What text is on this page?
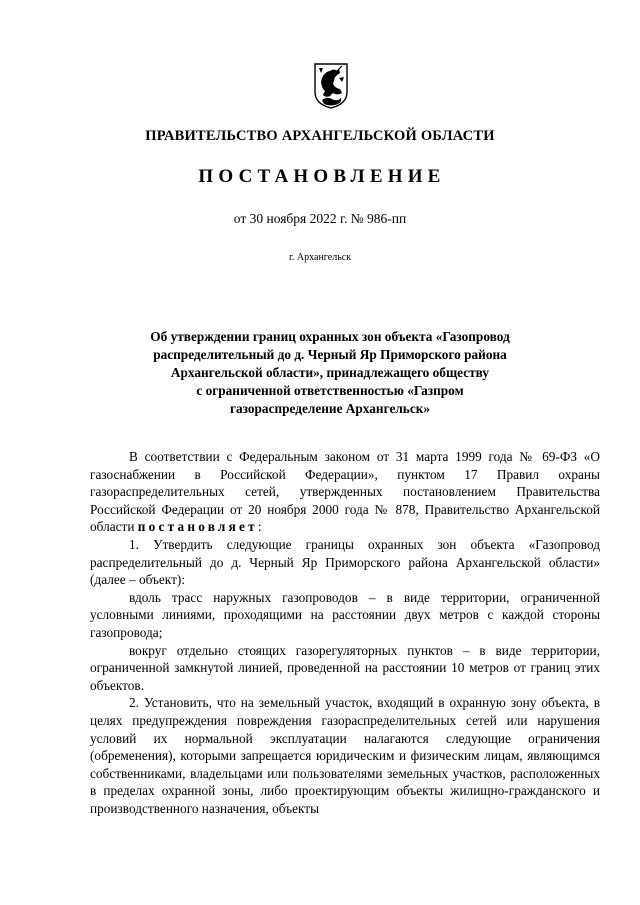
ПРАВИТЕЛЬСТВО АРХАНГЕЛЬСКОЙ ОБЛАСТИ
ПОСТАНОВЛЕНИЕ
от 30 ноября 2022 г. № 986-пп
г. Архангельск
Об утверждении границ охранных зон объекта «Газопровод
распределительный до д. Черный Яр Приморского района
Архангельской области», принадлежащего обществу
с ограниченной ответственностью «Газпром
газораспределение Архангельск»

В соответствии с Федеральным законом от 31 марта 1999 года № 69-ФЗ «О газоснабжении в Российской Федерации», пунктом 17 Правил охраны газораспределительных сетей, утвержденных постановлением Правительства Российской Федерации от 20 ноября 2000 года № 878, Правительство Архангельской области постановляет:

1. Утвердить следующие границы охранных зон объекта «Газопровод распределительный до д. Черный Яр Приморского района Архангельской области» (далее – объект):

вдоль трасс наружных газопроводов – в виде территории, ограниченной условными линиями, проходящими на расстоянии двух метров с каждой стороны газопровода;

вокруг отдельно стоящих газорегуляторных пунктов – в виде территории, ограниченной замкнутой линией, проведенной на расстоянии 10 метров от границ этих объектов.

2. Установить, что на земельный участок, входящий в охранную зону объекта, в целях предупреждения повреждения газораспределительных сетей или нарушения условий их нормальной эксплуатации налагаются следующие ограничения (обременения), которыми запрещается юридическим и физическим лицам, являющимся собственниками, владельцами или пользователями земельных участков, расположенных в пределах охранной зоны, либо проектирующим объекты жилищно-гражданского и производственного назначения, объекты
